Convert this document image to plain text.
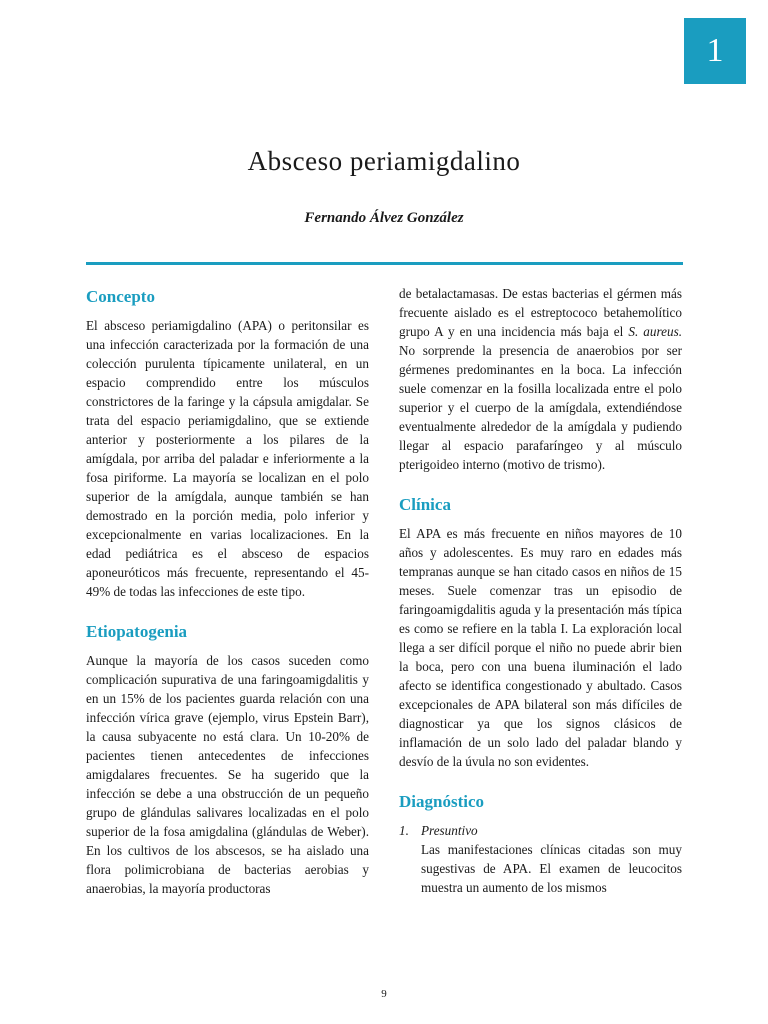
1
Absceso periamigdalino
Fernando Álvez González
Concepto

El absceso periamigdalino (APA) o peritonsilar es una infección caracterizada por la formación de una colección purulenta típicamente unilateral, en un espacio comprendido entre los músculos constrictores de la faringe y la cápsula amigdalar. Se trata del espacio periamigdalino, que se extiende anterior y posteriormente a los pilares de la amígdala, por arriba del paladar e inferiormente a la fosa piriforme. La mayoría se localizan en el polo superior de la amígdala, aunque también se han demostrado en la porción media, polo inferior y excepcionalmente en varias localizaciones. En la edad pediátrica es el absceso de espacios aponeuróticos más frecuente, representando el 45-49% de todas las infecciones de este tipo.

Etiopatogenia

Aunque la mayoría de los casos suceden como complicación supurativa de una faringoamigdalitis y en un 15% de los pacientes guarda relación con una infección vírica grave (ejemplo, virus Epstein Barr), la causa subyacente no está clara. Un 10-20% de pacientes tienen antecedentes de infecciones amigdalares frecuentes. Se ha sugerido que la infección se debe a una obstrucción de un pequeño grupo de glándulas salivares localizadas en el polo superior de la fosa amigdalina (glándulas de Weber). En los cultivos de los abscesos, se ha aislado una flora polimicrobiana de bacterias aerobias y anaerobias, la mayoría productoras

de betalactamasas. De estas bacterias el gérmen más frecuente aislado es el estreptococo betahemolítico grupo A y en una incidencia más baja el S. aureus. No sorprende la presencia de anaerobios por ser gérmenes predominantes en la boca. La infección suele comenzar en la fosilla localizada entre el polo superior y el cuerpo de la amígdala, extendiéndose eventualmente alrededor de la amígdala y pudiendo llegar al espacio parafaríngeo y al músculo pterigoideo interno (motivo de trismo).

Clínica

El APA es más frecuente en niños mayores de 10 años y adolescentes. Es muy raro en edades más tempranas aunque se han citado casos en niños de 15 meses. Suele comenzar tras un episodio de faringoamigdalitis aguda y la presentación más típica es como se refiere en la tabla I. La exploración local llega a ser difícil porque el niño no puede abrir bien la boca, pero con una buena iluminación el lado afecto se identifica congestionado y abultado. Casos excepcionales de APA bilateral son más difíciles de diagnosticar ya que los signos clásicos de inflamación de un solo lado del paladar blando y desvío de la úvula no son evidentes.

Diagnóstico
1. Presuntivo

Las manifestaciones clínicas citadas son muy sugestivas de APA. El examen de leucocitos muestra un aumento de los mismos

9
